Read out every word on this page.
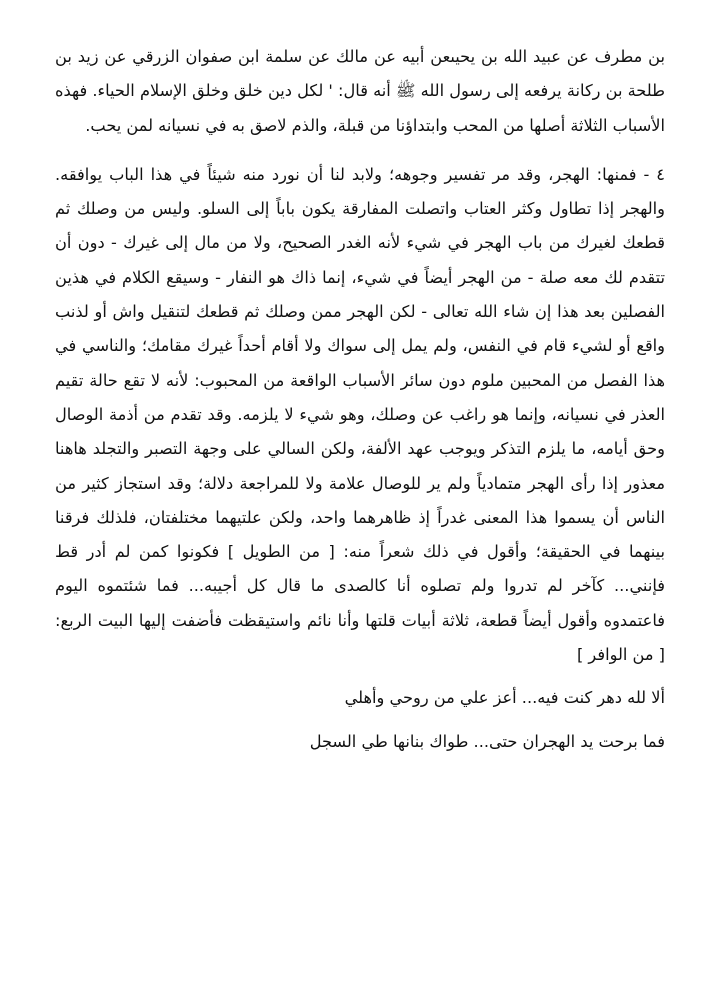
بن مطرف عن عبيد الله بن يحيىعن أبيه عن مالك عن سلمة ابن صفوان الزرقي عن زيد بن طلحة بن ركانة يرفعه إلى رسول الله ﷺ أنه قال: ' لكل دين خلق وخلق الإسلام الحياء. فهذه الأسباب الثلاثة أصلها من المحب وابتداؤنا من قبلة، والذم لاصق به في نسيانه لمن يحب.

٤ - فمنها: الهجر، وقد مر تفسير وجوهه؛ ولابد لنا أن نورد منه شيئاً في هذا الباب يوافقه. والهجر إذا تطاول وكثر العتاب واتصلت المفارقة يكون باباً إلى السلو. وليس من وصلك ثم قطعك لغيرك من باب الهجر في شيء لأنه الغدر الصحيح، ولا من مال إلى غيرك - دون أن تتقدم لك معه صلة - من الهجر أيضاً في شيء، إنما ذاك هو النفار - وسيقع الكلام في هذين الفصلين بعد هذا إن شاء الله تعالى - لكن الهجر ممن وصلك ثم قطعك لتنقيل واش أو لذنب واقع أو لشيء قام في النفس، ولم يمل إلى سواك ولا أقام أحداً غيرك مقامك؛ والناسي في هذا الفصل من المحبين ملوم دون سائر الأسباب الواقعة من المحبوب: لأنه لا تقع حالة تقيم العذر في نسيانه، وإنما هو راغب عن وصلك، وهو شيء لا يلزمه. وقد تقدم من أذمة الوصال وحق أيامه، ما يلزم التذكر ويوجب عهد الألفة، ولكن السالي على وجهة التصبر والتجلد هاهنا معذور إذا رأى الهجر متمادياً ولم ير للوصال علامة ولا للمراجعة دلالة؛ وقد استجاز كثير من الناس أن يسموا هذا المعنى غدراً إذ ظاهرهما واحد، ولكن علتيهما مختلفتان، فلذلك فرقنا بينهما في الحقيقة؛ وأقول في ذلك شعراً منه: [ من الطويل ] فكونوا كمن لم أدر قط فإنني... كآخر لم تدروا ولم تصلوه أنا كالصدى ما قال كل أجيبه... فما شئتموه اليوم فاعتمدوه وأقول أيضاً قطعة، ثلاثة أبيات قلتها وأنا نائم واستيقظت فأضفت إليها البيت الربع: [ من الوافر ]

ألا لله دهر كنت فيه... أعز علي من روحي وأهلي

فما برحت يد الهجران حتى... طواك بنانها طي السجل
